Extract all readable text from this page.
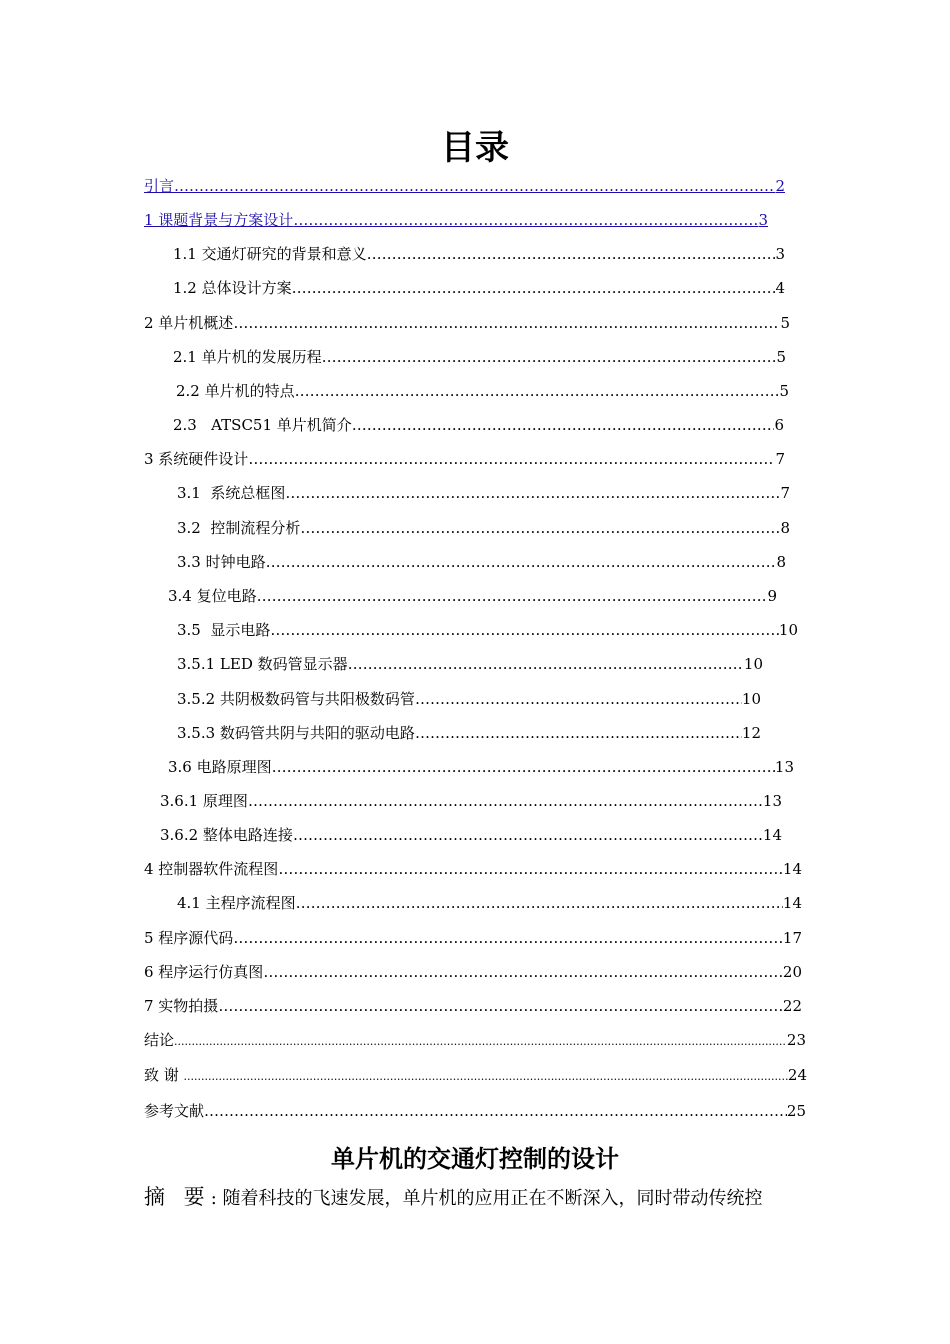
目录
引言 …………………………………………………………………………………………………………………………………………………………………………………………………………………………………………	2
1 课题背景与方案设计 …………………………………………………………………………………………………………………………………………………………………………………………………………………………………………	3
1.1 交通灯研究的背景和意义 …………………………………………………………………………………………………………………………………………………………………………………………………………………………………………	3
1.2 总体设计方案 …………………………………………………………………………………………………………………………………………………………………………………………………………………………………………	4
2 单片机概述 …………………………………………………………………………………………………………………………………………………………………………………………………………………………………………	5
2.1 单片机的发展历程 …………………………………………………………………………………………………………………………………………………………………………………………………………………………………………	5
2.2 单片机的特点 …………………………………………………………………………………………………………………………………………………………………………………………………………………………………………	5
2.3   ATSC51 单片机简介 …………………………………………………………………………………………………………………………………………………………………………………………………………………………………………	6
3 系统硬件设计 …………………………………………………………………………………………………………………………………………………………………………………………………………………………………………	7
3.1  系统总框图 …………………………………………………………………………………………………………………………………………………………………………………………………………………………………………	7
3.2  控制流程分析 …………………………………………………………………………………………………………………………………………………………………………………………………………………………………………	8
3.3 时钟电路 …………………………………………………………………………………………………………………………………………………………………………………………………………………………………………	8
3.4 复位电路 …………………………………………………………………………………………………………………………………………………………………………………………………………………………………………	9
3.5  显示电路 …………………………………………………………………………………………………………………………………………………………………………………………………………………………………………	10
3.5.1 LED 数码管显示器 …………………………………………………………………………………………………………………………………………………………………………………………………………………………………………	10
3.5.2 共阴极数码管与共阳极数码管 …………………………………………………………………………………………………………………………………………………………………………………………………………………………………………	10
3.5.3 数码管共阴与共阳的驱动电路 …………………………………………………………………………………………………………………………………………………………………………………………………………………………………………	12
3.6 电路原理图 …………………………………………………………………………………………………………………………………………………………………………………………………………………………………………	13
3.6.1 原理图 …………………………………………………………………………………………………………………………………………………………………………………………………………………………………………	13
3.6.2 整体电路连接 …………………………………………………………………………………………………………………………………………………………………………………………………………………………………………	14
4 控制器软件流程图 …………………………………………………………………………………………………………………………………………………………………………………………………………………………………………	14
4.1 主程序流程图 …………………………………………………………………………………………………………………………………………………………………………………………………………………………………………	14
5 程序源代码 …………………………………………………………………………………………………………………………………………………………………………………………………………………………………………	17
6 程序运行仿真图 …………………………………………………………………………………………………………………………………………………………………………………………………………………………………………	20
7 实物拍摄 …………………………………………………………………………………………………………………………………………………………………………………………………………………………………………	22
结论 .....	23
致 谢 .....	24
参考文献 …………………………………………………………………………………………………………………………………………………………………………………………………………………………………………	25
单片机的交通灯控制的设计
摘 要: 随着科技的飞速发展，单片机的应用正在不断深入，同时带动传统控
